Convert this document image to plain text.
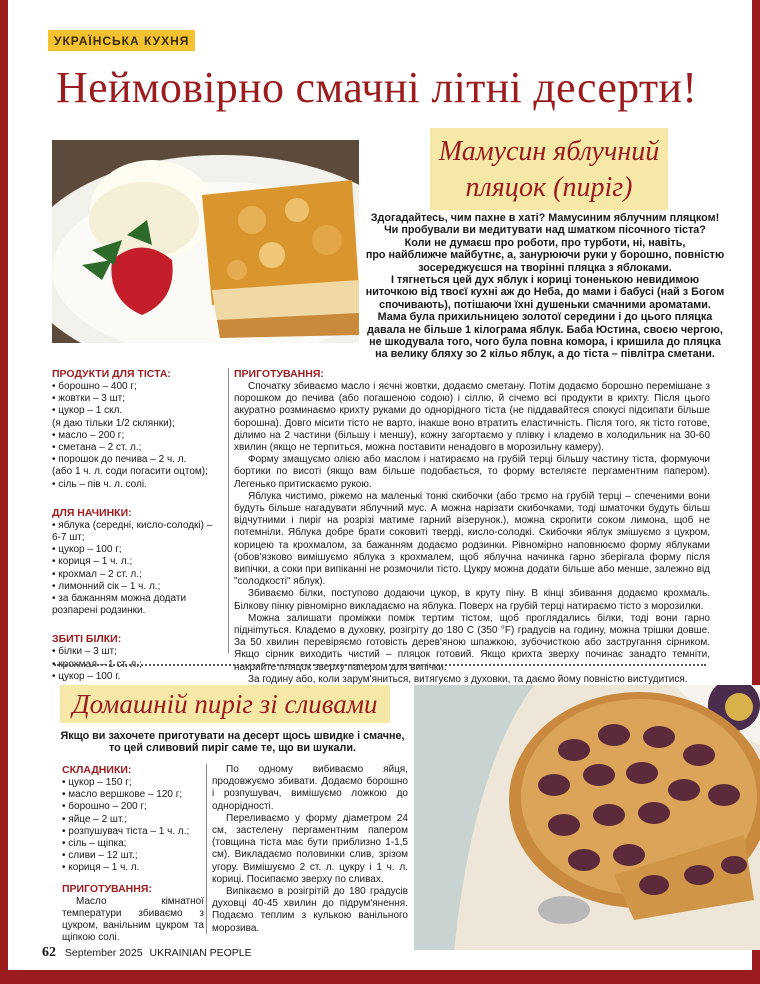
УКРАЇНСЬКА КУХНЯ
Неймовірно смачні літні десерти!
Мамусин яблучний
пляцок (пиріг)
Здогадайтесь, чим пахне в хаті? Мамусиним яблучним пляцком!
Чи пробували ви медитувати над шматком пісочного тіста?
Коли не думаєш про роботи, про турботи, ні, навіть,
про найближче майбутнє, а, занурюючи руки у борошно, повністю
зосереджуєшся на творінні пляцка з яблоками.
І тягнеться цей дух яблук і кориці тоненькою невидимою
ниточкою від твоєї кухні аж до Неба, до мами і бабусі (най з Богом
спочивають), потішаючи їхні душеньки смачними ароматами.
Мама була прихильницею золотої середини і до цього пляцка
давала не більше 1 кілограма яблук. Баба Юстина, своєю чергою,
не шкодувала того, чого була повна комора, і кришила до пляцка
на велику бляху зо 2 кільо яблук, а до тіста – півлітра сметани.
ПРОДУКТИ ДЛЯ ТІСТА:
• борошно – 400 г;
• жовтки – 3 шт;
• цукор – 1 скл.
(я даю тільки 1/2 склянки);
• масло – 200 г;
• сметана – 2 ст. л.;
• порошок до печива – 2 ч. л.
(або 1 ч. л. соди погасити оцтом);
• сіль – пів ч. л. солі.
ДЛЯ НАЧИНКИ:
• яблука (середні, кисло-солодкі) –
6-7 шт;
• цукор – 100 г;
• кориця – 1 ч. л.;
• крохмал – 2 ст. л.;
• лимонний сік – 1 ч. л.;
• за бажанням можна додати
розпарені родзинки.
ЗБИТІ БІЛКИ:
• білки – 3 шт;
• крохмал – 1 ст. л.;
• цукор – 100 г.
ПРИГОТУВАННЯ:

Спочатку збиваємо масло і яєчні жовтки, додаємо сметану. Потім додаємо борошно перемішане з порошком до печива (або погашеною содою) і сіллю, й січемо всі продукти в крихту. Після цього акуратно розминаємо крихту руками до однорідного тіста (не піддавайтеся спокусі підсипати більше борошна). Довго місити тісто не варто, інакше воно втратить еластичність. Після того, як тісто готове, ділимо на 2 частини (більшу і меншу), кожну загортаємо у плівку і кладемо в холодильник на 30-60 хвилин (якщо не терпиться, можна поставити ненадовго в морозильну камеру).

Форму змащуємо олією або маслом і натираємо на грубій терці більшу частину тіста, формуючи бортики по висоті (якщо вам більше подобається, то форму встеляєте пергаментним папером). Легенько притискаємо рукою.

Яблука чистимо, ріжемо на маленькі тонкі скибочки (або трємо на грубій терці – спеченими вони будуть більше нагадувати яблучний мус. А можна нарізати скибочками, тоді шматочки будуть більш відчутними і пиріг на розрізі матиме гарний візерунок.), можна скропити соком лимона, щоб не потемніли. Яблука добре брати соковиті тверді, кисло-солодкі. Скибочки яблук змішуємо з цукром, корицею та крохмалом, за бажанням додаємо родзинки. Рівномірно наповнюємо форму яблуками (обов'язково вимішуємо яблука з крохмалем, щоб яблучна начинка гарно зберігала форму після випічки, а соки при випіканні не розмочили тісто. Цукру можна додати більше або менше, залежно від "солодкості" яблук).

Збиваємо білки, поступово додаючи цукор, в круту піну. В кінці збивання додаємо крохмаль. Білкову пінку рівномірно викладаємо на яблука. Поверх на грубій терці натираємо тісто з морозилки.

Можна залишати проміжки поміж тертим тістом, щоб проглядались білки, тоді вони гарно підніmуться. Кладемо в духовку, розігріту до 180 С (350 °F) градусів на годину, можна трішки довше. За 50 хвилин перевіряємо готовість дерев'яною шпажкою, зубочисткою або застругання сірником. Якщо сірник виходить чистий – пляцок готовий. Якщо крихта зверху починає занадто темніти, накрийте пляцок зверху папером для випічки.

За годину або, коли зарум'яниться, витягуємо з духовки, та даємо йому повністю вистудитися.

Домашній пиріг зі сливами
Якщо ви захочете приготувати на десерт щось швидке і смачне,
то цей сливовий пиріг саме те, що ви шукали.
СКЛАДНИКИ:
• цукор – 150 г;
• масло вершкове – 120 г;
• борошно – 200 г;
• яйце – 2 шт.;
• розпушувач тіста – 1 ч. л.;
• сіль – щіпка;
• сливи – 12 шт.;
• кориця – 1 ч. л.
ПРИГОТУВАННЯ:

Масло кімнатної температури збиваємо з цукром, ванільним цукром та щіпкою солі.

По одному вибиваємо яйця, продовжуємо збивати. Додаємо борошно і розпушувач, вимішуємо ложкою до однорідності.

Переливаємо у форму діаметром 24 см, застелену пергаментним папером (товщина тіста має бути приблизно 1-1,5 см). Викладаємо половинки слив, зрізом угору. Вимішуємо 2 ст. л. цукру і 1 ч. л. кориці. Посипаємо зверху по сливах.

Випікаємо в розігрітій до 180 градусів духовці 40-45 хвилин до підрум'янення. Подаємо теплим з кулькою ванільного морозива.

62 September 2025 UKRAINIAN PEOPLE
